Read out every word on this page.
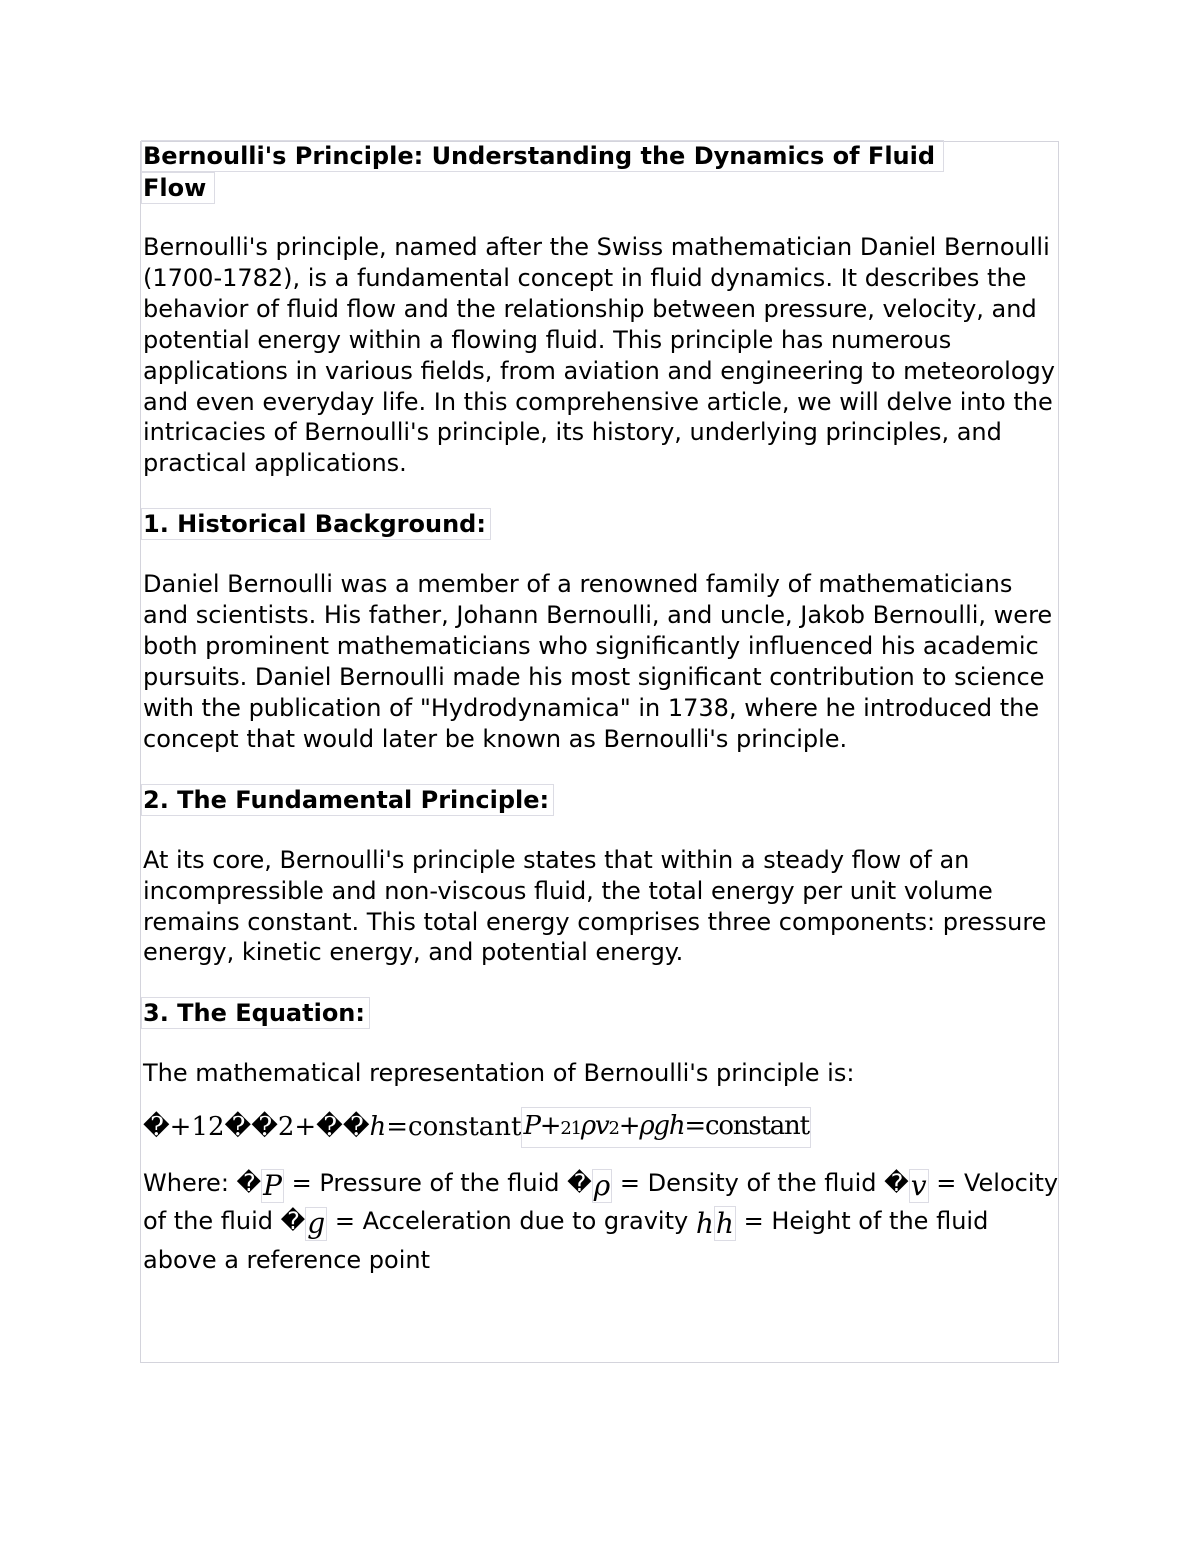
Bernoulli's Principle: Understanding the Dynamics of Fluid
Flow

Bernoulli's principle, named after the Swiss mathematician Daniel Bernoulli (1700-1782), is a fundamental concept in fluid dynamics. It describes the behavior of fluid flow and the relationship between pressure, velocity, and potential energy within a flowing fluid. This principle has numerous applications in various fields, from aviation and engineering to meteorology and even everyday life. In this comprehensive article, we will delve into the intricacies of Bernoulli's principle, its history, underlying principles, and practical applications.

1. Historical Background:

Daniel Bernoulli was a member of a renowned family of mathematicians and scientists. His father, Johann Bernoulli, and uncle, Jakob Bernoulli, were both prominent mathematicians who significantly influenced his academic pursuits. Daniel Bernoulli made his most significant contribution to science with the publication of "Hydrodynamica" in 1738, where he introduced the concept that would later be known as Bernoulli's principle.

2. The Fundamental Principle:

At its core, Bernoulli's principle states that within a steady flow of an incompressible and non-viscous fluid, the total energy per unit volume remains constant. This total energy comprises three components: pressure energy, kinetic energy, and potential energy.

3. The Equation:

The mathematical representation of Bernoulli's principle is:

�+12��2+��h=constant P+21ρv2+ρgh=constant

Where: �P = Pressure of the fluid �ρ = Density of the fluid �v = Velocity of the fluid �g = Acceleration due to gravity hh = Height of the fluid above a reference point
